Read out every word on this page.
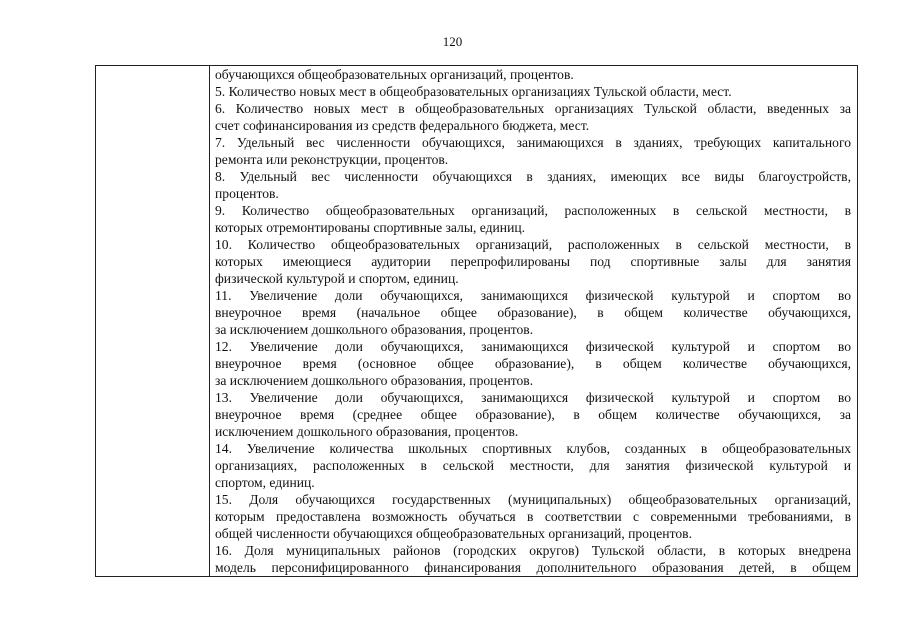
120
обучающихся общеобразовательных организаций, процентов.
5. Количество новых мест в общеобразовательных организациях Тульской области, мест.
6. Количество новых мест в общеобразовательных организациях Тульской области, введенных за
счет софинансирования из средств федерального бюджета, мест.
7. Удельный вес численности обучающихся, занимающихся в зданиях, требующих капитального
ремонта или реконструкции, процентов.
8. Удельный вес численности обучающихся в зданиях, имеющих все виды благоустройств,
процентов.
9. Количество общеобразовательных организаций, расположенных в сельской местности, в
которых отремонтированы спортивные залы, единиц.
10. Количество общеобразовательных организаций, расположенных в сельской местности, в
которых имеющиеся аудитории перепрофилированы под спортивные залы для занятия
физической культурой и спортом, единиц.
11. Увеличение доли обучающихся, занимающихся физической культурой и спортом во
внеурочное время (начальное общее образование), в общем количестве обучающихся,
за исключением дошкольного образования, процентов.
12. Увеличение доли обучающихся, занимающихся физической культурой и спортом во
внеурочное время (основное общее образование), в общем количестве обучающихся,
за исключением дошкольного образования, процентов.
13. Увеличение доли обучающихся, занимающихся физической культурой и спортом во
внеурочное время (среднее общее образование), в общем количестве обучающихся, за
исключением дошкольного образования, процентов.
14. Увеличение количества школьных спортивных клубов, созданных в общеобразовательных
организациях, расположенных в сельской местности, для занятия физической культурой и
спортом, единиц.
15. Доля обучающихся государственных (муниципальных) общеобразовательных организаций,
которым предоставлена возможность обучаться в соответствии с современными требованиями, в
общей численности обучающихся общеобразовательных организаций, процентов.
16. Доля муниципальных районов (городских округов) Тульской области, в которых внедрена
модель персонифицированного финансирования дополнительного образования детей, в общем
